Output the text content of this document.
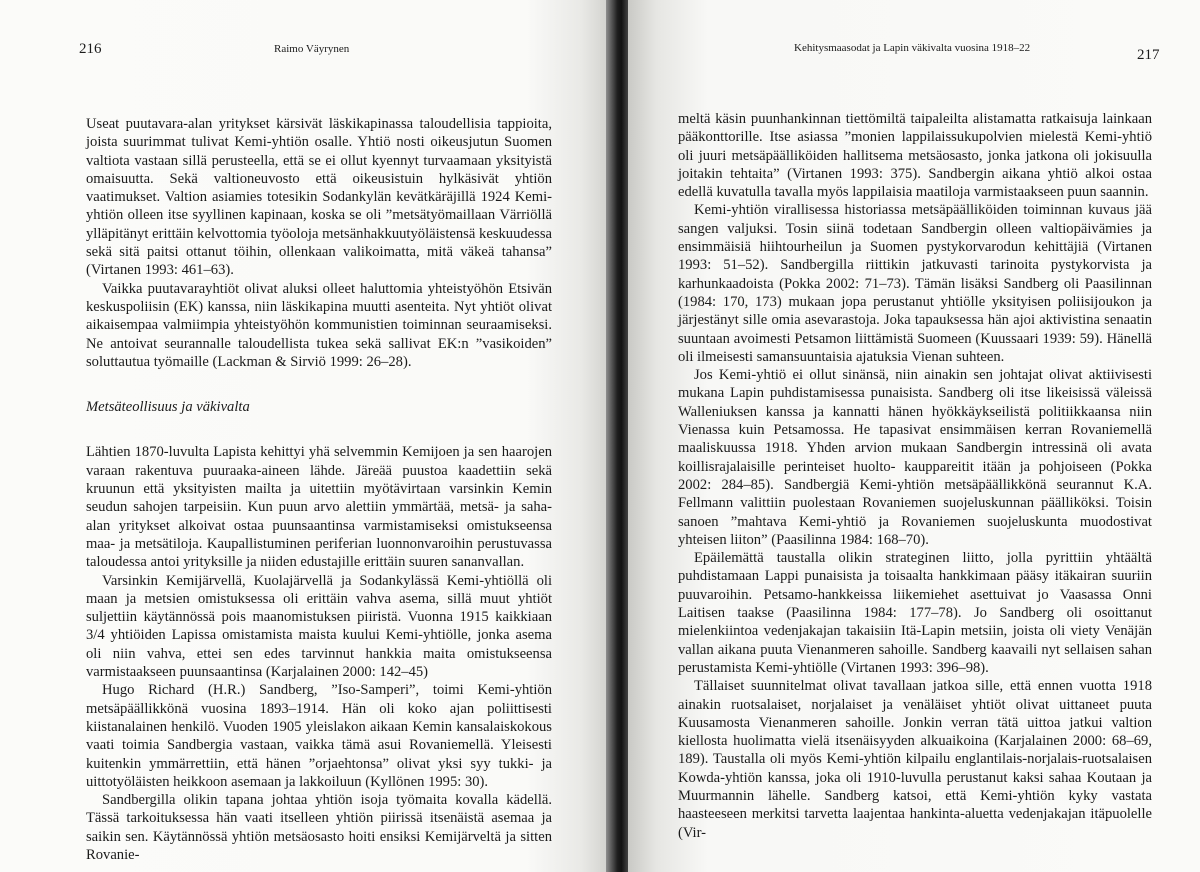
216	Raimo Väyrynen

Useat puutavara-alan yritykset kärsivät läskikapinassa taloudellisia tappioita, joista suurimmat tulivat Kemi-yhtiön osalle. Yhtiö nosti oikeusjutun Suomen valtiota vastaan sillä perusteella, että se ei ollut kyennyt turvaamaan yksityistä omaisuutta. Sekä valtioneuvosto että oikeusistuin hylkäsivät yhtiön vaatimukset. Valtion asiamies totesikin Sodankylän kevätkäräjillä 1924 Kemi-yhtiön olleen itse syyllinen kapinaan, koska se oli ”metsätyömaillaan Värriöllä ylläpitänyt erittäin kelvottomia työoloja metsänhakkuutyöläistensä keskuudessa sekä sitä paitsi ottanut töihin, ollenkaan valikoimatta, mitä väkeä tahansa” (Virtanen 1993: 461–63).

Vaikka puutavarayhtiöt olivat aluksi olleet haluttomia yhteistyöhön Etsivän keskuspoliisin (EK) kanssa, niin läskikapina muutti asenteita. Nyt yhtiöt olivat aikaisempaa valmiimpia yhteistyöhön kommunistien toiminnan seuraamiseksi. Ne antoivat seurannalle taloudellista tukea sekä sallivat EK:n ”vasikoiden” soluttautua työmaille (Lackman & Sirviö 1999: 26–28).

Metsäteollisuus ja väkivalta

Lähtien 1870-luvulta Lapista kehittyi yhä selvemmin Kemijoen ja sen haarojen varaan rakentuva puuraaka-aineen lähde. Järeää puustoa kaadettiin sekä kruunun että yksityisten mailta ja uitettiin myötävirtaan varsinkin Kemin seudun sahojen tarpeisiin. Kun puun arvo alettiin ymmärtää, metsä- ja saha-alan yritykset alkoivat ostaa puunsaantinsa varmistamiseksi omistukseensa maa- ja metsätiloja. Kaupallistuminen periferian luonnonvaroihin perustuvassa taloudessa antoi yrityksille ja niiden edustajille erittäin suuren sananvallan.

Varsinkin Kemijärvellä, Kuolajärvellä ja Sodankylässä Kemi-yhtiöllä oli maan ja metsien omistuksessa oli erittäin vahva asema, sillä muut yhtiöt suljettiin käytännössä pois maanomistuksen piiristä. Vuonna 1915 kaikkiaan 3/4 yhtiöiden Lapissa omistamista maista kuului Kemi-yhtiölle, jonka asema oli niin vahva, ettei sen edes tarvinnut hankkia maita omistukseensa varmistaakseen puunsaantinsa (Karjalainen 2000: 142–45)

Hugo Richard (H.R.) Sandberg, ”Iso-Samperi”, toimi Kemi-yhtiön metsäpäällikkönä vuosina 1893–1914. Hän oli koko ajan poliittisesti kiistanalainen henkilö. Vuoden 1905 yleislakon aikaan Kemin kansalaiskokous vaati toimia Sandbergia vastaan, vaikka tämä asui Rovaniemellä. Yleisesti kuitenkin ymmärrettiin, että hänen ”orjaehtonsa” olivat yksi syy tukki- ja uittotyöläisten heikkoon asemaan ja lakkoiluun (Kyllönen 1995: 30).

Sandbergilla olikin tapana johtaa yhtiön isoja työmaita kovalla kädellä. Tässä tarkoituksessa hän vaati itselleen yhtiön piirissä itsenäistä asemaa ja saikin sen. Käytännössä yhtiön metsäosasto hoiti ensiksi Kemijärveltä ja sitten Rovanie-

Kehitysmaasodat ja Lapin väkivalta vuosina 1918–22	217

meltä käsin puunhankinnan tiettömiltä taipaleilta alistamatta ratkaisuja lainkaan pääkonttorille. Itse asiassa ”monien lappilaissukupolvien mielestä Kemi-yhtiö oli juuri metsäpäälliköiden hallitsema metsäosasto, jonka jatkona oli jokisuulla joitakin tehtaita” (Virtanen 1993: 375). Sandbergin aikana yhtiö alkoi ostaa edellä kuvatulla tavalla myös lappilaisia maatiloja varmistaakseen puun saannin.

Kemi-yhtiön virallisessa historiassa metsäpäälliköiden toiminnan kuvaus jää sangen valjuksi. Tosin siinä todetaan Sandbergin olleen valtiopäivämies ja ensimmäisiä hiihtourheilun ja Suomen pystykorvarodun kehittäjiä (Virtanen 1993: 51–52). Sandbergilla riittikin jatkuvasti tarinoita pystykorvista ja karhunkaadoista (Pokka 2002: 71–73). Tämän lisäksi Sandberg oli Paasilinnan (1984: 170, 173) mukaan jopa perustanut yhtiölle yksityisen poliisijoukon ja järjestänyt sille omia asevarastoja. Joka tapauksessa hän ajoi aktivistina senaatin suuntaan avoimesti Petsamon liittämistä Suomeen (Kuussaari 1939: 59). Hänellä oli ilmeisesti samansuuntaisia ajatuksia Vienan suhteen.

Jos Kemi-yhtiö ei ollut sinänsä, niin ainakin sen johtajat olivat aktiivisesti mukana Lapin puhdistamisessa punaisista. Sandberg oli itse likeisissä väleissä Walleniuksen kanssa ja kannatti hänen hyökkäykseilistä politiikkaansa niin Vienassa kuin Petsamossa. He tapasivat ensimmäisen kerran Rovaniemellä maaliskuussa 1918. Yhden arvion mukaan Sandbergin intressinä oli avata koillisrajalaisille perinteiset huolto- kauppareitit itään ja pohjoiseen (Pokka 2002: 284–85). Sandbergiä Kemi-yhtiön metsäpäällikkönä seurannut K.A. Fellmann valittiin puolestaan Rovaniemen suojeluskunnan päälliköksi. Toisin sanoen ”mahtava Kemi-yhtiö ja Rovaniemen suojeluskunta muodostivat yhteisen liiton” (Paasilinna 1984: 168–70).

Epäilemättä taustalla olikin strateginen liitto, jolla pyrittiin yhtäältä puhdistamaan Lappi punaisista ja toisaalta hankkimaan pääsy itäkairan suuriin puuvaroihin. Petsamo-hankkeissa liikemiehet asettuivat jo Vaasassa Onni Laitisen taakse (Paasilinna 1984: 177–78). Jo Sandberg oli osoittanut mielenkiintoa vedenjakajan takaisiin Itä-Lapin metsiin, joista oli viety Venäjän vallan aikana puuta Vienanmeren sahoille. Sandberg kaavaili nyt sellaisen sahan perustamista Kemi-yhtiölle (Virtanen 1993: 396–98).

Tällaiset suunnitelmat olivat tavallaan jatkoa sille, että ennen vuotta 1918 ainakin ruotsalaiset, norjalaiset ja venäläiset yhtiöt olivat uittaneet puuta Kuusamosta Vienanmeren sahoille. Jonkin verran tätä uittoa jatkui valtion kiellosta huolimatta vielä itsenäisyyden alkuaikoina (Karjalainen 2000: 68–69, 189). Taustalla oli myös Kemi-yhtiön kilpailu englantilais-norjalais-ruotsalaisen Kowda-yhtiön kanssa, joka oli 1910-luvulla perustanut kaksi sahaa Koutaan ja Muurmannin lähelle. Sandberg katsoi, että Kemi-yhtiön kyky vastata haasteeseen merkitsi tarvetta laajentaa hankinta-aluetta vedenjakajan itäpuolelle (Vir-
